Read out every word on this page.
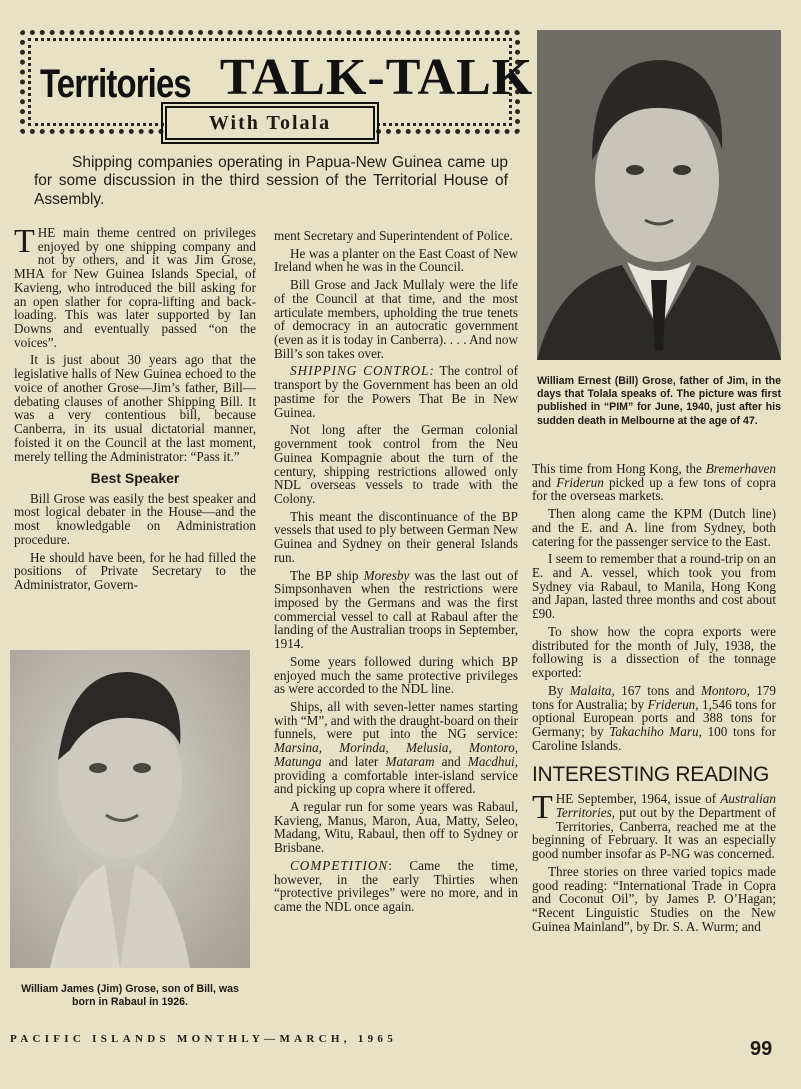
Territories TALK-TALK
With Tolala

Shipping companies operating in Papua-New Guinea came up for some discussion in the third session of the Territorial House of Assembly.

THE main theme centred on privileges enjoyed by one shipping company and not by others, and it was Jim Grose, MHA for New Guinea Islands Special, of Kavieng, who introduced the bill asking for an open slather for copra-lifting and back-loading. This was later supported by Ian Downs and eventually passed “on the voices”.

It is just about 30 years ago that the legislative halls of New Guinea echoed to the voice of another Grose—Jim’s father, Bill—debating clauses of another Shipping Bill. It was a very contentious bill, because Canberra, in its usual dictatorial manner, foisted it on the Council at the last moment, merely telling the Administrator: “Pass it.”

Best Speaker

Bill Grose was easily the best speaker and most logical debater in the House—and the most knowledgable on Administration procedure.

He should have been, for he had filled the positions of Private Secretary to the Administrator, Govern-

William James (Jim) Grose, son of Bill, was born in Rabaul in 1926.

ment Secretary and Superintendent of Police.

He was a planter on the East Coast of New Ireland when he was in the Council.

Bill Grose and Jack Mullaly were the life of the Council at that time, and the most articulate members, upholding the true tenets of democracy in an autocratic government (even as it is today in Canberra). . . . And now Bill’s son takes over.

SHIPPING CONTROL: The control of transport by the Government has been an old pastime for the Powers That Be in New Guinea.

Not long after the German colonial government took control from the Neu Guinea Kompagnie about the turn of the century, shipping restrictions allowed only NDL overseas vessels to trade with the Colony.

This meant the discontinuance of the BP vessels that used to ply between German New Guinea and Sydney on their general Islands run.

The BP ship Moresby was the last out of Simpsonhaven when the restrictions were imposed by the Germans and was the first commercial vessel to call at Rabaul after the landing of the Australian troops in September, 1914.

Some years followed during which BP enjoyed much the same protective privileges as were accorded to the NDL line.

Ships, all with seven-letter names starting with “M”, and with the draught-board on their funnels, were put into the NG service: Marsina, Morinda, Melusia, Montoro, Matunga and later Mataram and Macdhui, providing a comfortable inter-island service and picking up copra where it offered.

A regular run for some years was Rabaul, Kavieng, Manus, Maron, Aua, Matty, Seleo, Madang, Witu, Rabaul, then off to Sydney or Brisbane.

COMPETITION: Came the time, however, in the early Thirties when “protective privileges” were no more, and in came the NDL once again.

William Ernest (Bill) Grose, father of Jim, in the days that Tolala speaks of. The picture was first published in “PIM” for June, 1940, just after his sudden death in Melbourne at the age of 47.

This time from Hong Kong, the Bremerhaven and Friderun picked up a few tons of copra for the overseas markets.

Then along came the KPM (Dutch line) and the E. and A. line from Sydney, both catering for the passenger service to the East.

I seem to remember that a round-trip on an E. and A. vessel, which took you from Sydney via Rabaul, to Manila, Hong Kong and Japan, lasted three months and cost about £90.

To show how the copra exports were distributed for the month of July, 1938, the following is a dissection of the tonnage exported:

By Malaita, 167 tons and Montoro, 179 tons for Australia; by Friderun, 1,546 tons for optional European ports and 388 tons for Germany; by Takachiho Maru, 100 tons for Caroline Islands.

INTERESTING READING

THE September, 1964, issue of Australian Territories, put out by the Department of Territories, Canberra, reached me at the beginning of February. It was an especially good number insofar as P-NG was concerned.

Three stories on three varied topics made good reading: “International Trade in Copra and Coconut Oil”, by James P. O’Hagan; “Recent Linguistic Studies on the New Guinea Mainland”, by Dr. S. A. Wurm; and

PACIFIC ISLANDS MONTHLY—MARCH, 1965	99
